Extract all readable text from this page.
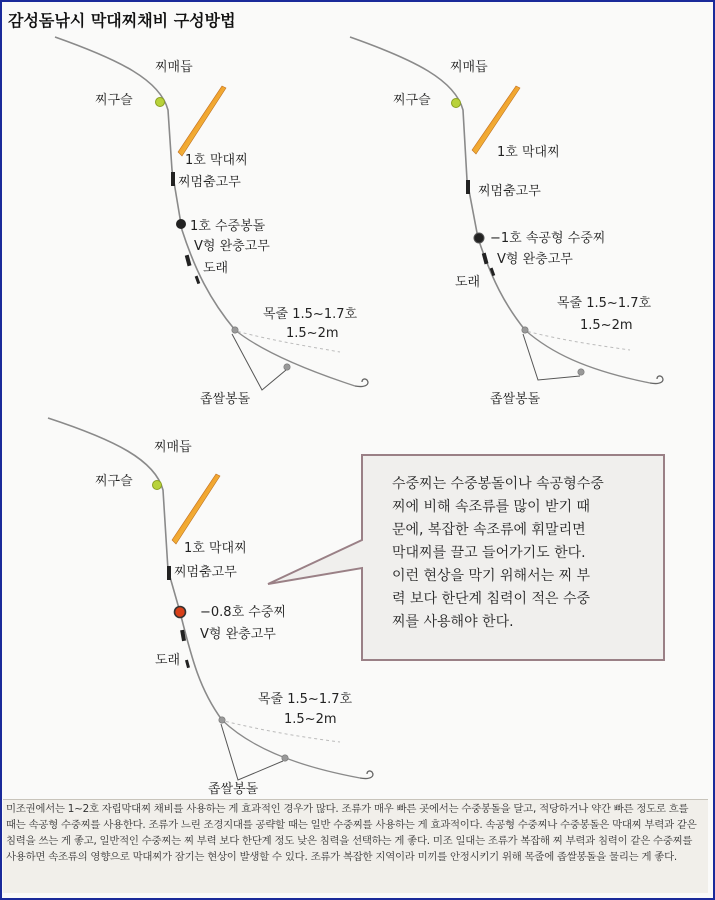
감성돔낚시 막대찌채비 구성방법
찌매듭
찌구슬
1호 막대찌
찌멈춤고무
1호 수중봉돌
V형 완충고무
도래
목줄 1.5~1.7호
1.5~2m
좁쌀봉돌
찌매듭
찌구슬
1호 막대찌
찌멈춤고무
−1호 속공형 수중찌
V형 완충고무
도래
목줄 1.5~1.7호
1.5~2m
좁쌀봉돌
찌매듭
찌구슬
1호 막대찌
찌멈춤고무
−0.8호 수중찌
V형 완충고무
도래
목줄 1.5~1.7호
1.5~2m
좁쌀봉돌
수중찌는 수중봉돌이나 속공형수중
찌에 비해 속조류를 많이 받기 때
문에, 복잡한 속조류에 휘말리면
막대찌를 끌고 들어가기도 한다.
이런 현상을 막기 위해서는 찌 부
력 보다 한단계 침력이 적은 수중
찌를 사용해야 한다.
미조권에서는 1~2호 자립막대찌 채비를 사용하는 게 효과적인 경우가 많다. 조류가 매우 빠른 곳에서는 수중봉돌을 달고, 적당하거나 약간 빠른 정도로 흐를 때는 속공형 수중찌를 사용한다. 조류가 느린 조경지대를 공략할 때는 일반 수중찌를 사용하는 게 효과적이다. 속공형 수중찌나 수중봉돌은 막대찌 부력과 같은 침력을 쓰는 게 좋고, 일반적인 수중찌는 찌 부력 보다 한단계 정도 낮은 침력을 선택하는 게 좋다. 미조 일대는 조류가 복잡해 찌 부력과 침력이 같은 수중찌를 사용하면 속조류의 영향으로 막대찌가 잠기는 현상이 발생할 수 있다. 조류가 복잡한 지역이라 미끼를 안정시키기 위해 목줄에 좁쌀봉돌을 물리는 게 좋다.
